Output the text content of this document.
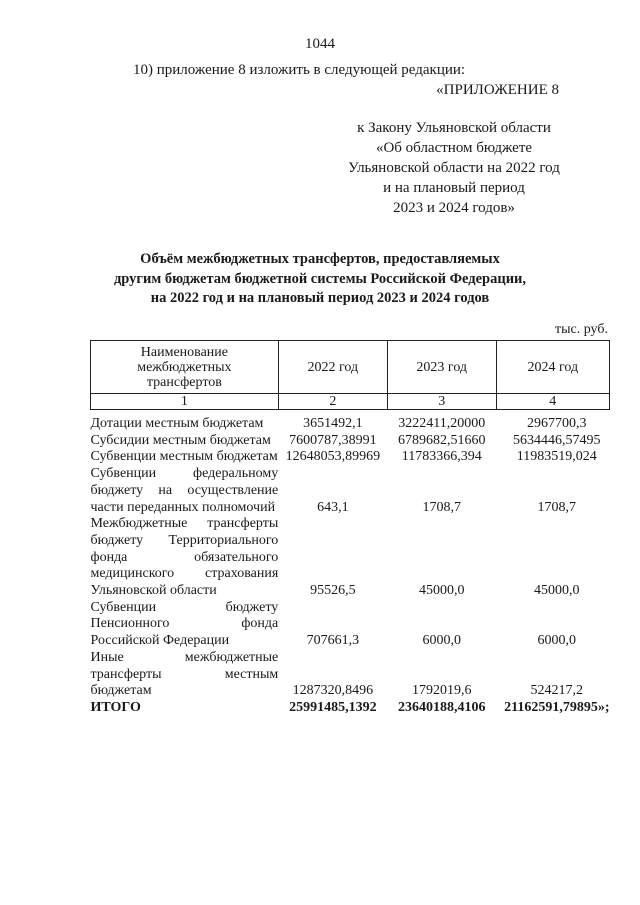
1044
10) приложение 8 изложить в следующей редакции:
«ПРИЛОЖЕНИЕ 8
к Закону Ульяновской области
«Об областном бюджете
Ульяновской области на 2022 год
и на плановый период
2023 и 2024 годов»
Объём межбюджетных трансфертов, предоставляемых
другим бюджетам бюджетной системы Российской Федерации,
на 2022 год и на плановый период 2023 и 2024 годов
тыс. руб.
Наименование межбюджетных трансфертов	2022 год	2023 год	2024 год
1	2	3	4
Дотации местным бюджетам	3651492,1	3222411,20000	2967700,3
Субсидии местным бюджетам	7600787,38991	6789682,51660	5634446,57495
Субвенции местным бюджетам	12648053,89969	11783366,394	11983519,024
Субвенции федеральному бюджету на осуществление части переданных полномочий	643,1	1708,7	1708,7
Межбюджетные трансферты бюджету Территориального фонда обязательного медицинского страхования Ульяновской области	95526,5	45000,0	45000,0
Субвенции бюджету Пенсионного фонда Российской Федерации	707661,3	6000,0	6000,0
Иные межбюджетные трансферты местным бюджетам	1287320,8496	1792019,6	524217,2
ИТОГО	25991485,1392	23640188,4106	21162591,79895»;
